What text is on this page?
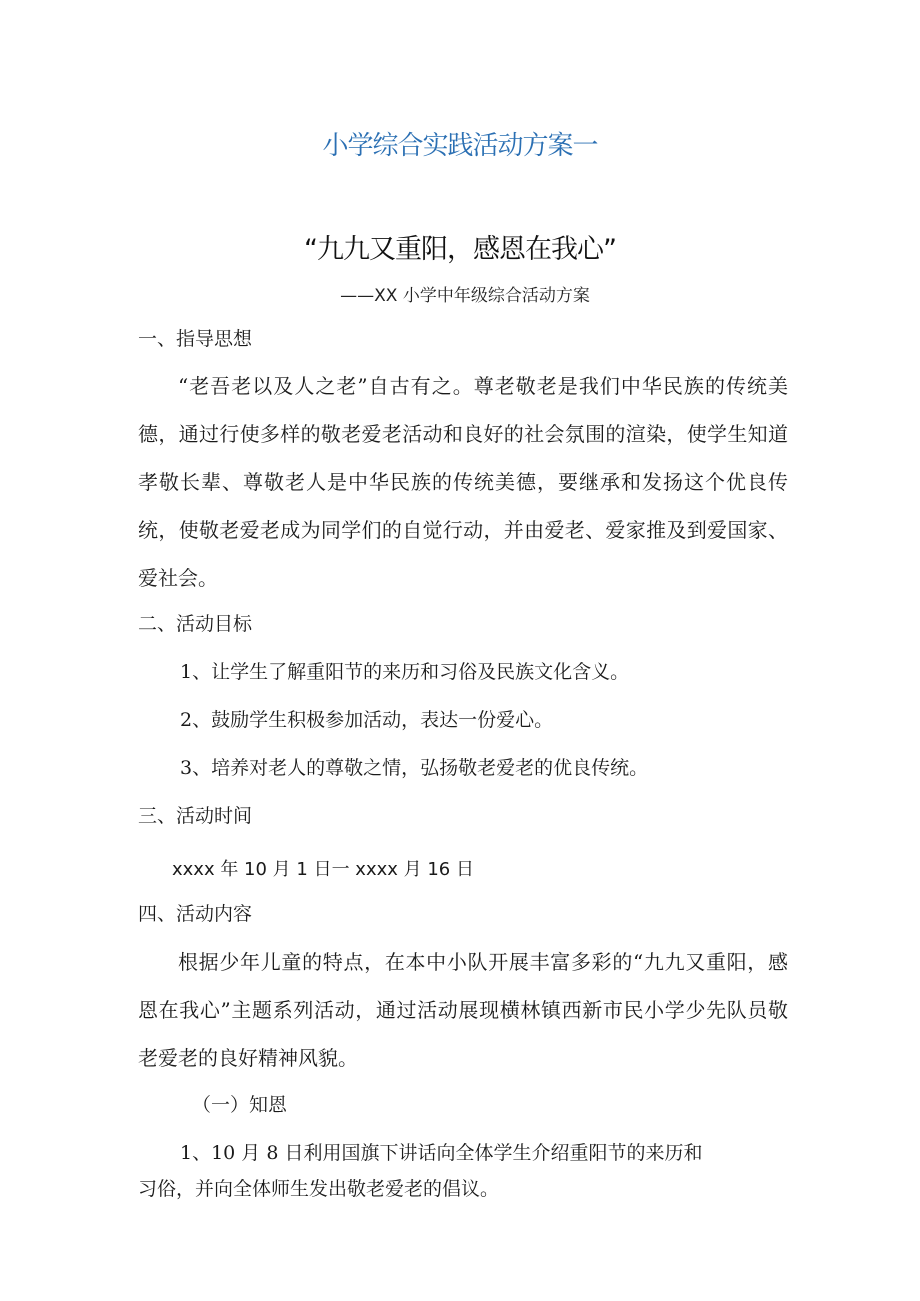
小学综合实践活动方案一
“九九又重阳，感恩在我心”
——XX 小学中年级综合活动方案
一、指导思想
“老吾老以及人之老”自古有之。尊老敬老是我们中华民族的传统美德，通过行使多样的敬老爱老活动和良好的社会氛围的渲染，使学生知道孝敬长辈、尊敬老人是中华民族的传统美德，要继承和发扬这个优良传统，使敬老爱老成为同学们的自觉行动，并由爱老、爱家推及到爱国家、爱社会。
二、活动目标
1、让学生了解重阳节的来历和习俗及民族文化含义。
2、鼓励学生积极参加活动，表达一份爱心。
3、培养对老人的尊敬之情，弘扬敬老爱老的优良传统。
三、活动时间
xxxx 年 10 月 1 日一 xxxx 月 16 日
四、活动内容
根据少年儿童的特点，在本中小队开展丰富多彩的“九九又重阳，感恩在我心”主题系列活动，通过活动展现横林镇西新市民小学少先队员敬老爱老的良好精神风貌。
（一）知恩
1、10 月 8 日利用国旗下讲话向全体学生介绍重阳节的来历和
习俗，并向全体师生发出敬老爱老的倡议。
